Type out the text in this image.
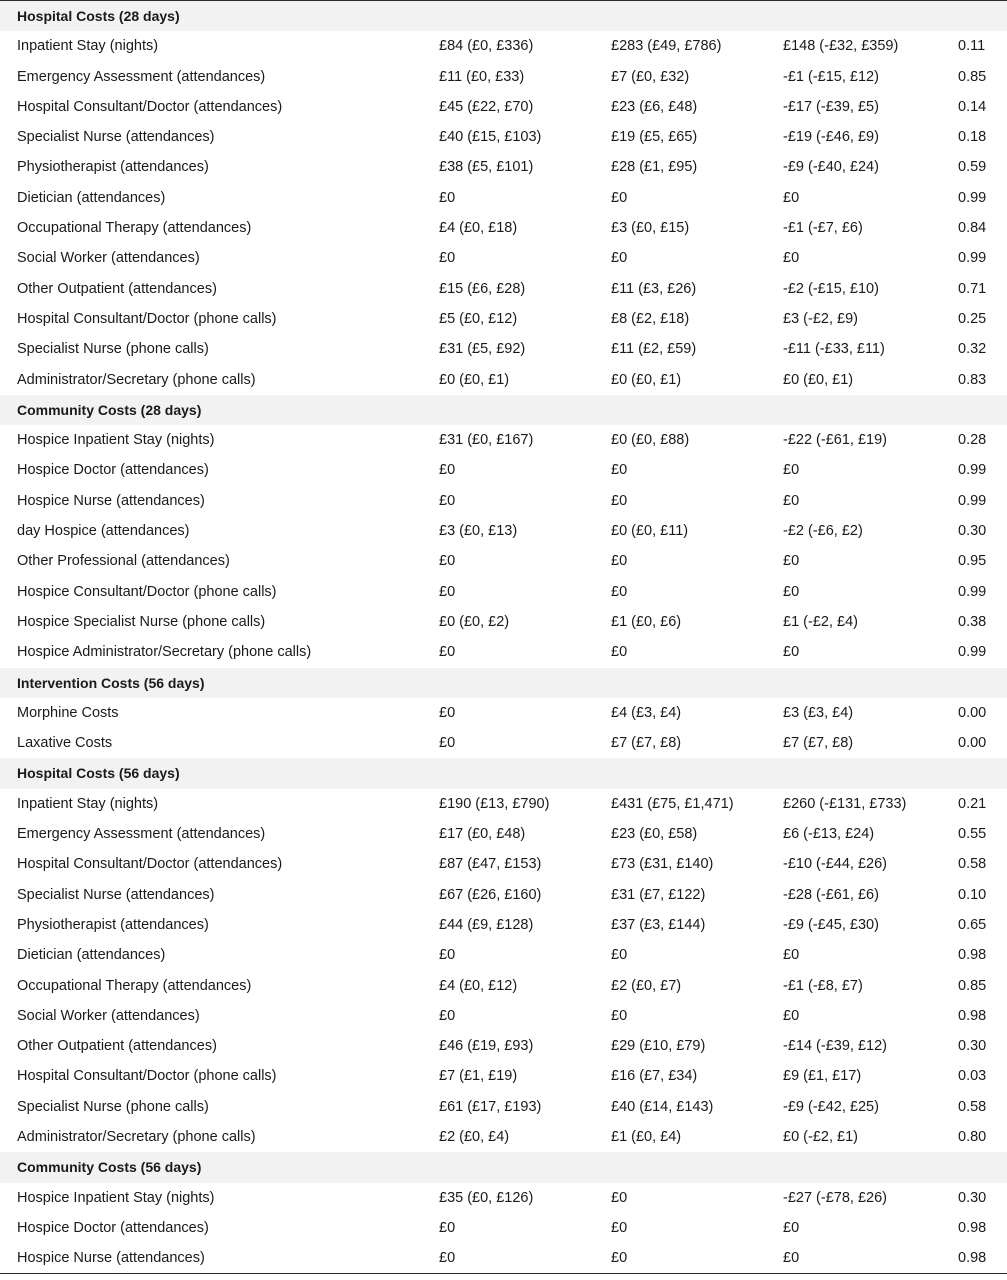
Hospital Costs (28 days)
Inpatient Stay (nights)	£84 (£0, £336)	£283 (£49, £786)	£148 (-£32, £359)	0.11
Emergency Assessment (attendances)	£11 (£0, £33)	£7 (£0, £32)	-£1 (-£15, £12)	0.85
Hospital Consultant/Doctor (attendances)	£45 (£22, £70)	£23 (£6, £48)	-£17 (-£39, £5)	0.14
Specialist Nurse (attendances)	£40 (£15, £103)	£19 (£5, £65)	-£19 (-£46, £9)	0.18
Physiotherapist (attendances)	£38 (£5, £101)	£28 (£1, £95)	-£9 (-£40, £24)	0.59
Dietician (attendances)	£0	£0	£0	0.99
Occupational Therapy (attendances)	£4 (£0, £18)	£3 (£0, £15)	-£1 (-£7, £6)	0.84
Social Worker (attendances)	£0	£0	£0	0.99
Other Outpatient (attendances)	£15 (£6, £28)	£11 (£3, £26)	-£2 (-£15, £10)	0.71
Hospital Consultant/Doctor (phone calls)	£5 (£0, £12)	£8 (£2, £18)	£3 (-£2, £9)	0.25
Specialist Nurse (phone calls)	£31 (£5, £92)	£11 (£2, £59)	-£11 (-£33, £11)	0.32
Administrator/Secretary (phone calls)	£0 (£0, £1)	£0 (£0, £1)	£0 (£0, £1)	0.83
Community Costs (28 days)
Hospice Inpatient Stay (nights)	£31 (£0, £167)	£0 (£0, £88)	-£22 (-£61, £19)	0.28
Hospice Doctor (attendances)	£0	£0	£0	0.99
Hospice Nurse (attendances)	£0	£0	£0	0.99
day Hospice (attendances)	£3 (£0, £13)	£0 (£0, £11)	-£2 (-£6, £2)	0.30
Other Professional (attendances)	£0	£0	£0	0.95
Hospice Consultant/Doctor (phone calls)	£0	£0	£0	0.99
Hospice Specialist Nurse (phone calls)	£0 (£0, £2)	£1 (£0, £6)	£1 (-£2, £4)	0.38
Hospice Administrator/Secretary (phone calls)	£0	£0	£0	0.99
Intervention Costs (56 days)
Morphine Costs	£0	£4 (£3, £4)	£3 (£3, £4)	0.00
Laxative Costs	£0	£7 (£7, £8)	£7 (£7, £8)	0.00
Hospital Costs (56 days)
Inpatient Stay (nights)	£190 (£13, £790)	£431 (£75, £1,471)	£260 (-£131, £733)	0.21
Emergency Assessment (attendances)	£17 (£0, £48)	£23 (£0, £58)	£6 (-£13, £24)	0.55
Hospital Consultant/Doctor (attendances)	£87 (£47, £153)	£73 (£31, £140)	-£10 (-£44, £26)	0.58
Specialist Nurse (attendances)	£67 (£26, £160)	£31 (£7, £122)	-£28 (-£61, £6)	0.10
Physiotherapist (attendances)	£44 (£9, £128)	£37 (£3, £144)	-£9 (-£45, £30)	0.65
Dietician (attendances)	£0	£0	£0	0.98
Occupational Therapy (attendances)	£4 (£0, £12)	£2 (£0, £7)	-£1 (-£8, £7)	0.85
Social Worker (attendances)	£0	£0	£0	0.98
Other Outpatient (attendances)	£46 (£19, £93)	£29 (£10, £79)	-£14 (-£39, £12)	0.30
Hospital Consultant/Doctor (phone calls)	£7 (£1, £19)	£16 (£7, £34)	£9 (£1, £17)	0.03
Specialist Nurse (phone calls)	£61 (£17, £193)	£40 (£14, £143)	-£9 (-£42, £25)	0.58
Administrator/Secretary (phone calls)	£2 (£0, £4)	£1 (£0, £4)	£0 (-£2, £1)	0.80
Community Costs (56 days)
Hospice Inpatient Stay (nights)	£35 (£0, £126)	£0	-£27 (-£78, £26)	0.30
Hospice Doctor (attendances)	£0	£0	£0	0.98
Hospice Nurse (attendances)	£0	£0	£0	0.98
